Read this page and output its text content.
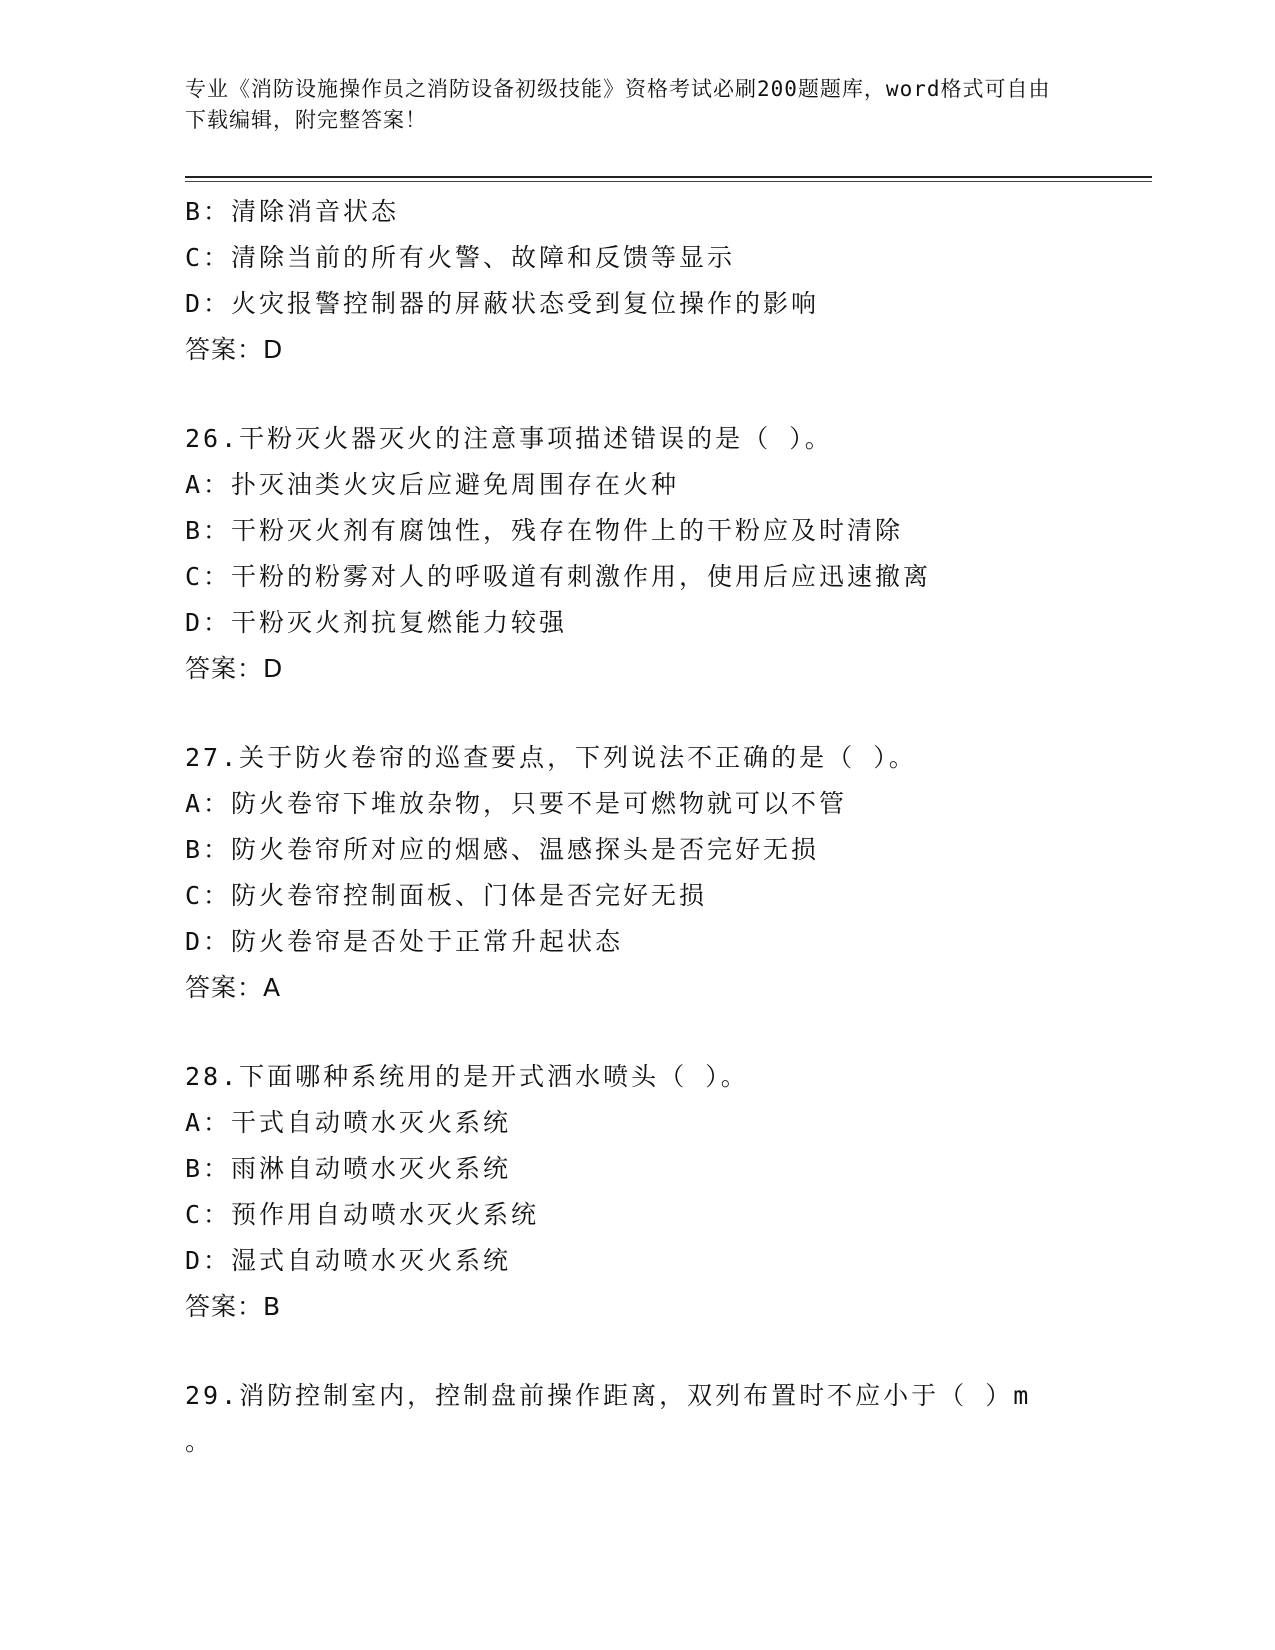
专业《消防设施操作员之消防设备初级技能》资格考试必刷200题题库，word格式可自由下载编辑，附完整答案！
B：清除消音状态
C：清除当前的所有火警、故障和反馈等显示
D：火灾报警控制器的屏蔽状态受到复位操作的影响
答案：D
26.干粉灭火器灭火的注意事项描述错误的是（ ）。
A：扑灭油类火灾后应避免周围存在火种
B：干粉灭火剂有腐蚀性，残存在物件上的干粉应及时清除
C：干粉的粉雾对人的呼吸道有刺激作用，使用后应迅速撤离
D：干粉灭火剂抗复燃能力较强
答案：D
27.关于防火卷帘的巡查要点，下列说法不正确的是（ ）。
A：防火卷帘下堆放杂物，只要不是可燃物就可以不管
B：防火卷帘所对应的烟感、温感探头是否完好无损
C：防火卷帘控制面板、门体是否完好无损
D：防火卷帘是否处于正常升起状态
答案：A
28.下面哪种系统用的是开式洒水喷头（ ）。
A：干式自动喷水灭火系统
B：雨淋自动喷水灭火系统
C：预作用自动喷水灭火系统
D：湿式自动喷水灭火系统
答案：B
29.消防控制室内，控制盘前操作距离，双列布置时不应小于（ ）m
。
